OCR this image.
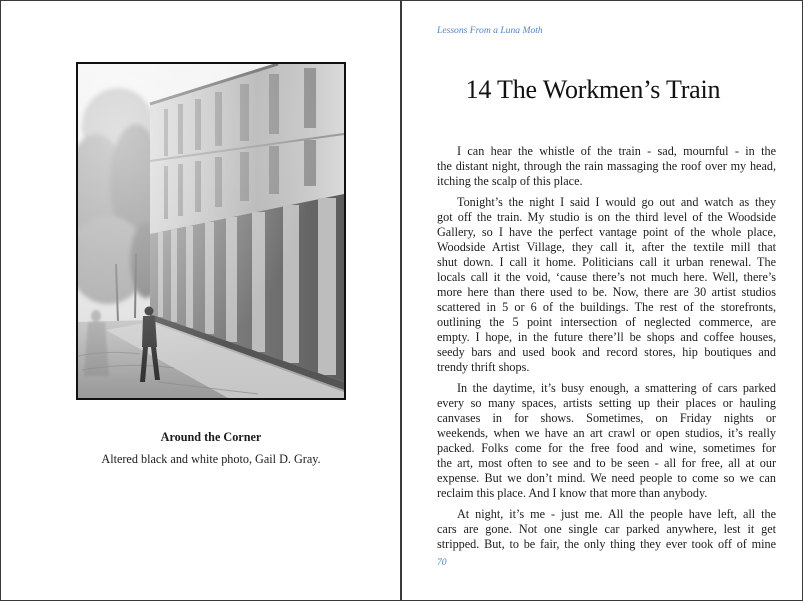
Around the Corner
Altered black and white photo, Gail D. Gray.
Lessons From a Luna Moth
14 The Workmen’s Train
I can hear the whistle of the train - sad, mournful - in the
the distant night, through the rain massaging the roof over my head,
itching the scalp of this place.
Tonight’s the night I said I would go out and watch as they
got off the train. My studio is on the third level of the Woodside
Gallery, so I have the perfect vantage point of the whole place,
Woodside Artist Village, they call it, after the textile mill that
shut down. I call it home. Politicians call it urban renewal. The
locals call it the void, ‘cause there’s not much here. Well, there’s
more here than there used to be. Now, there are 30 artist studios
scattered in 5 or 6 of the buildings. The rest of the storefronts,
outlining the 5 point intersection of neglected commerce, are
empty. I hope, in the future there’ll be shops and coffee houses,
seedy bars and used book and record stores, hip boutiques and
trendy thrift shops.
In the daytime, it’s busy enough, a smattering of cars parked
every so many spaces, artists setting up their places or hauling
canvases in for shows. Sometimes, on Friday nights or
weekends, when we have an art crawl or open studios, it’s really
packed. Folks come for the free food and wine, sometimes for
the art, most often to see and to be seen - all for free, all at our
expense. But we don’t mind. We need people to come so we can
reclaim this place. And I know that more than anybody.
At night, it’s me - just me. All the people have left, all the
cars are gone. Not one single car parked anywhere, lest it get
stripped. But, to be fair, the only thing they ever took off of mine
70
